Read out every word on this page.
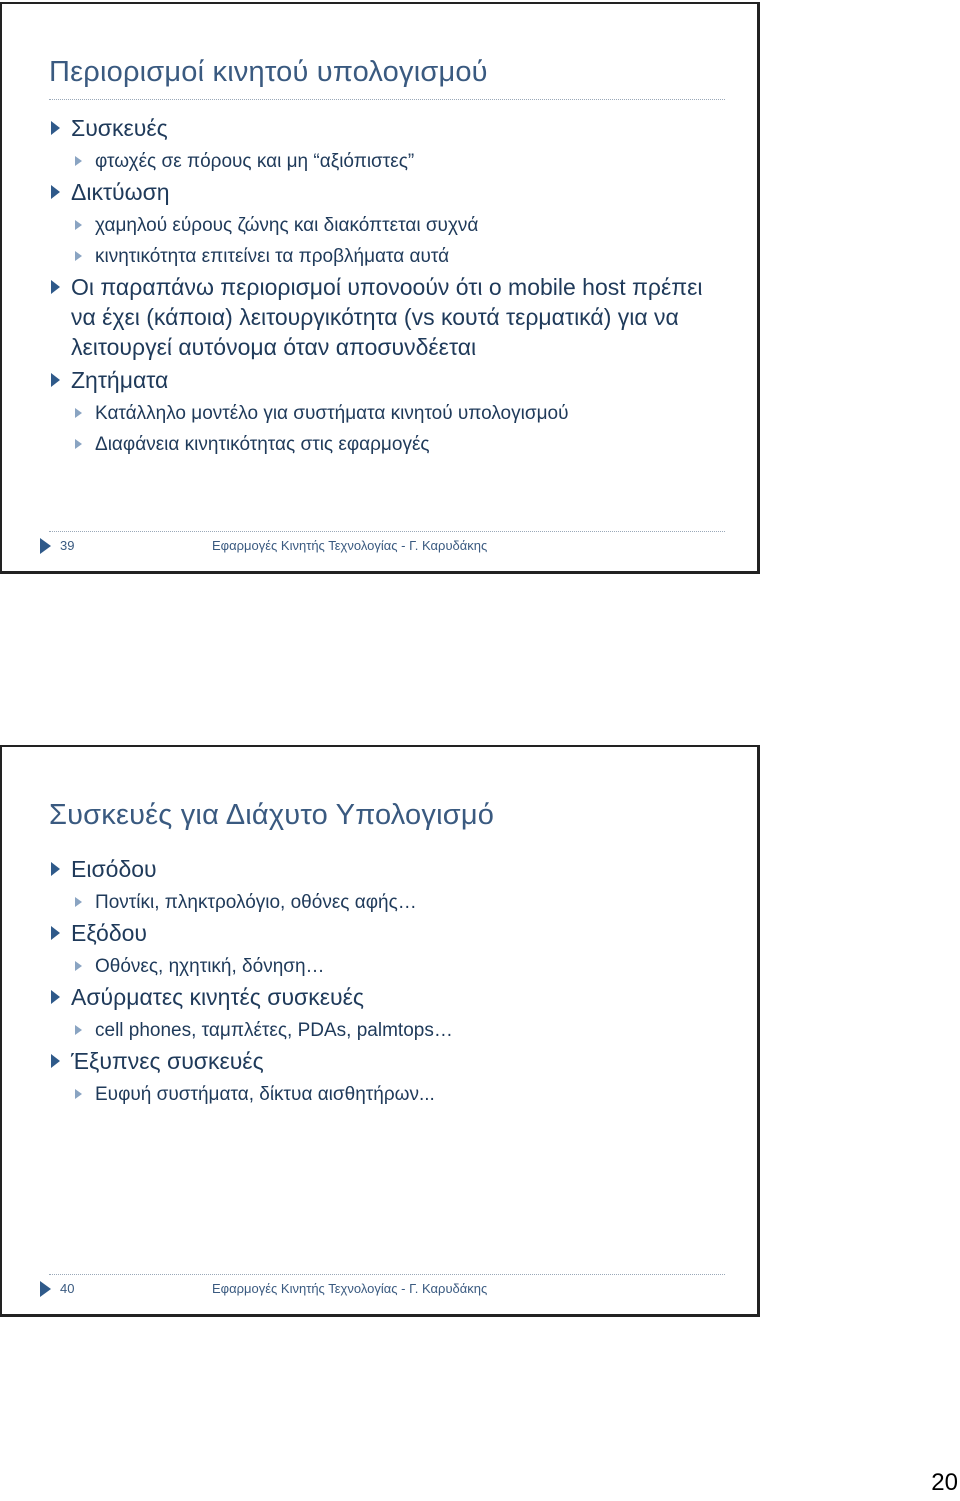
Περιορισμοί κινητού υπολογισμού
Συσκευές
φτωχές σε πόρους και μη “αξιόπιστες”
Δικτύωση
χαμηλού εύρους ζώνης και διακόπτεται συχνά
κινητικότητα επιτείνει τα προβλήματα αυτά
Οι παραπάνω περιορισμοί υπονοούν ότι ο mobile host πρέπει να έχει (κάποια) λειτουργικότητα (vs κουτά τερματικά) για να λειτουργεί αυτόνομα όταν αποσυνδέεται
Ζητήματα
Κατάλληλο μοντέλο για συστήματα κινητού υπολογισμού
Διαφάνεια κινητικότητας στις εφαρμογές
39	Εφαρμογές Κινητής Τεχνολογίας - Γ. Καρυδάκης
Συσκευές για Διάχυτο Υπολογισμό
Εισόδου
Ποντίκι, πληκτρολόγιο, οθόνες αφής…
Εξόδου
Οθόνες, ηχητική, δόνηση…
Ασύρματες κινητές συσκευές
cell phones, ταμπλέτες, PDAs, palmtops…
Έξυπνες συσκευές
Ευφυή συστήματα, δίκτυα αισθητήρων...
40	Εφαρμογές Κινητής Τεχνολογίας - Γ. Καρυδάκης
20
